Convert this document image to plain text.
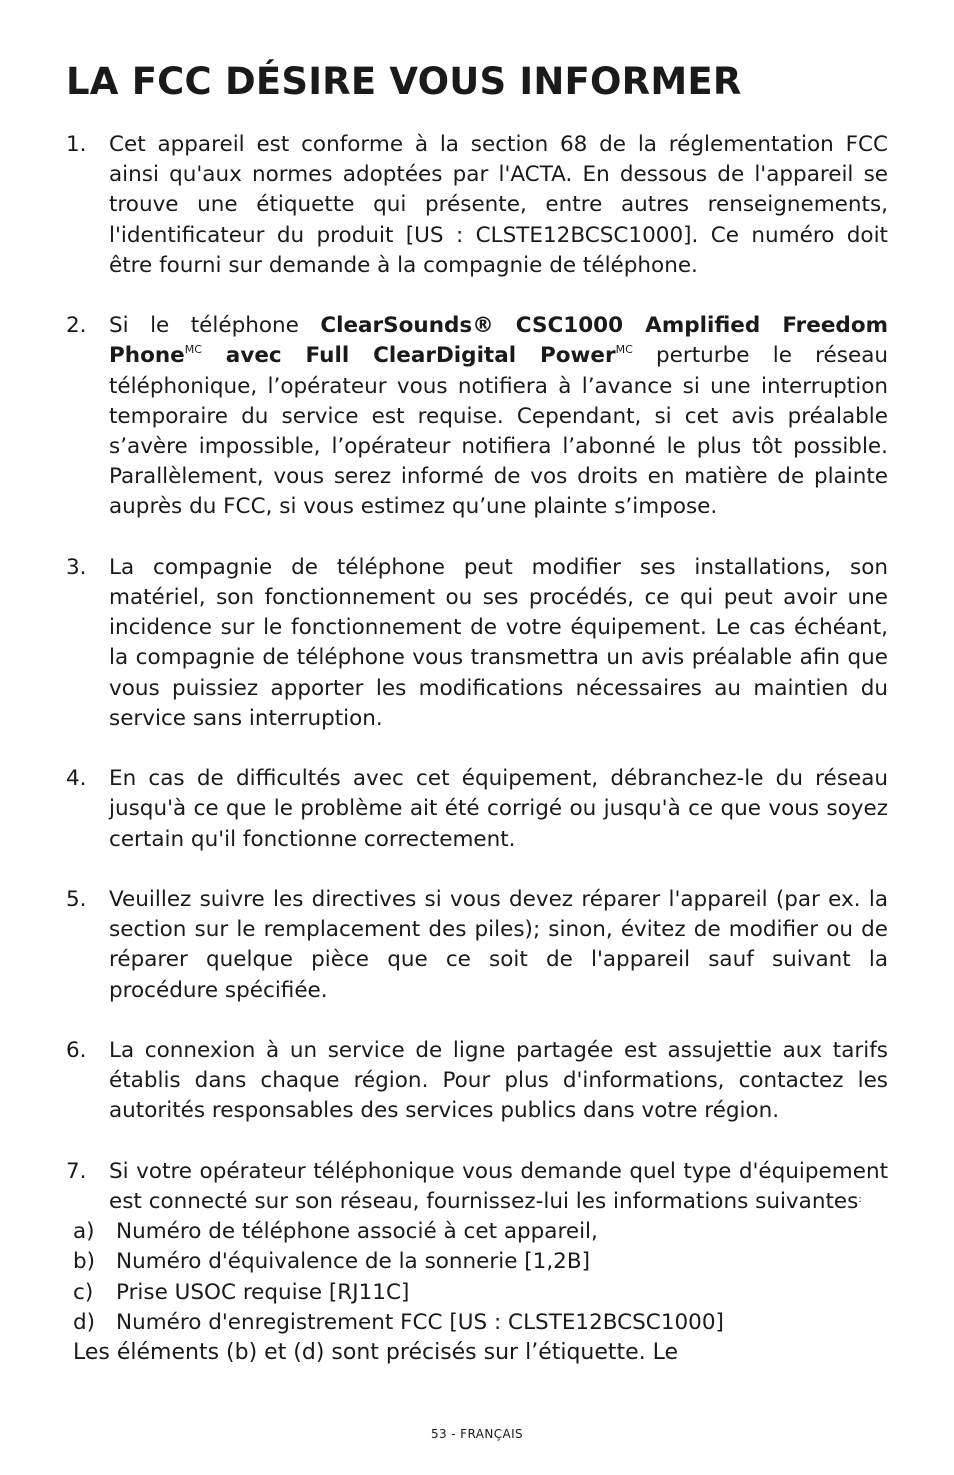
LA FCC DÉSIRE VOUS INFORMER
1. Cet appareil est conforme à la section 68 de la réglementation FCC ainsi qu'aux normes adoptées par l'ACTA. En dessous de l'appareil se trouve une étiquette qui présente, entre autres renseignements, l'identificateur du produit [US : CLSTE12BCSC1000]. Ce numéro doit être fourni sur demande à la compagnie de téléphone.
2. Si le téléphone ClearSounds® CSC1000 Amplified Freedom Phone$^{MC}$ avec Full ClearDigital Power$^{MC}$ perturbe le réseau téléphonique, l’opérateur vous notifiera à l’avance si une interruption temporaire du service est requise. Cependant, si cet avis préalable s’avère impossible, l’opérateur notifiera l’abonné le plus tôt possible. Parallèlement, vous serez informé de vos droits en matière de plainte auprès du FCC, si vous estimez qu’une plainte s’impose.
3. La compagnie de téléphone peut modifier ses installations, son matériel, son fonctionnement ou ses procédés, ce qui peut avoir une incidence sur le fonctionnement de votre équipement. Le cas échéant, la compagnie de téléphone vous transmettra un avis préalable afin que vous puissiez apporter les modifications nécessaires au maintien du service sans interruption.
4. En cas de difficultés avec cet équipement, débranchez-le du réseau jusqu'à ce que le problème ait été corrigé ou jusqu'à ce que vous soyez certain qu'il fonctionne correctement.
5. Veuillez suivre les directives si vous devez réparer l'appareil (par ex. la section sur le remplacement des piles); sinon, évitez de modifier ou de réparer quelque pièce que ce soit de l'appareil sauf suivant la procédure spécifiée.
6. La connexion à un service de ligne partagée est assujettie aux tarifs établis dans chaque région. Pour plus d'informations, contactez les autorités responsables des services publics dans votre région.
7. Si votre opérateur téléphonique vous demande quel type d'équipement est connecté sur son réseau, fournissez-lui les informations suivantes:
a) Numéro de téléphone associé à cet appareil,
b) Numéro d'équivalence de la sonnerie [1,2B]
c) Prise USOC requise [RJ11C]
d) Numéro d'enregistrement FCC [US : CLSTE12BCSC1000]
Les éléments (b) et (d) sont précisés sur l’étiquette. Le
53 - FRANÇAIS
